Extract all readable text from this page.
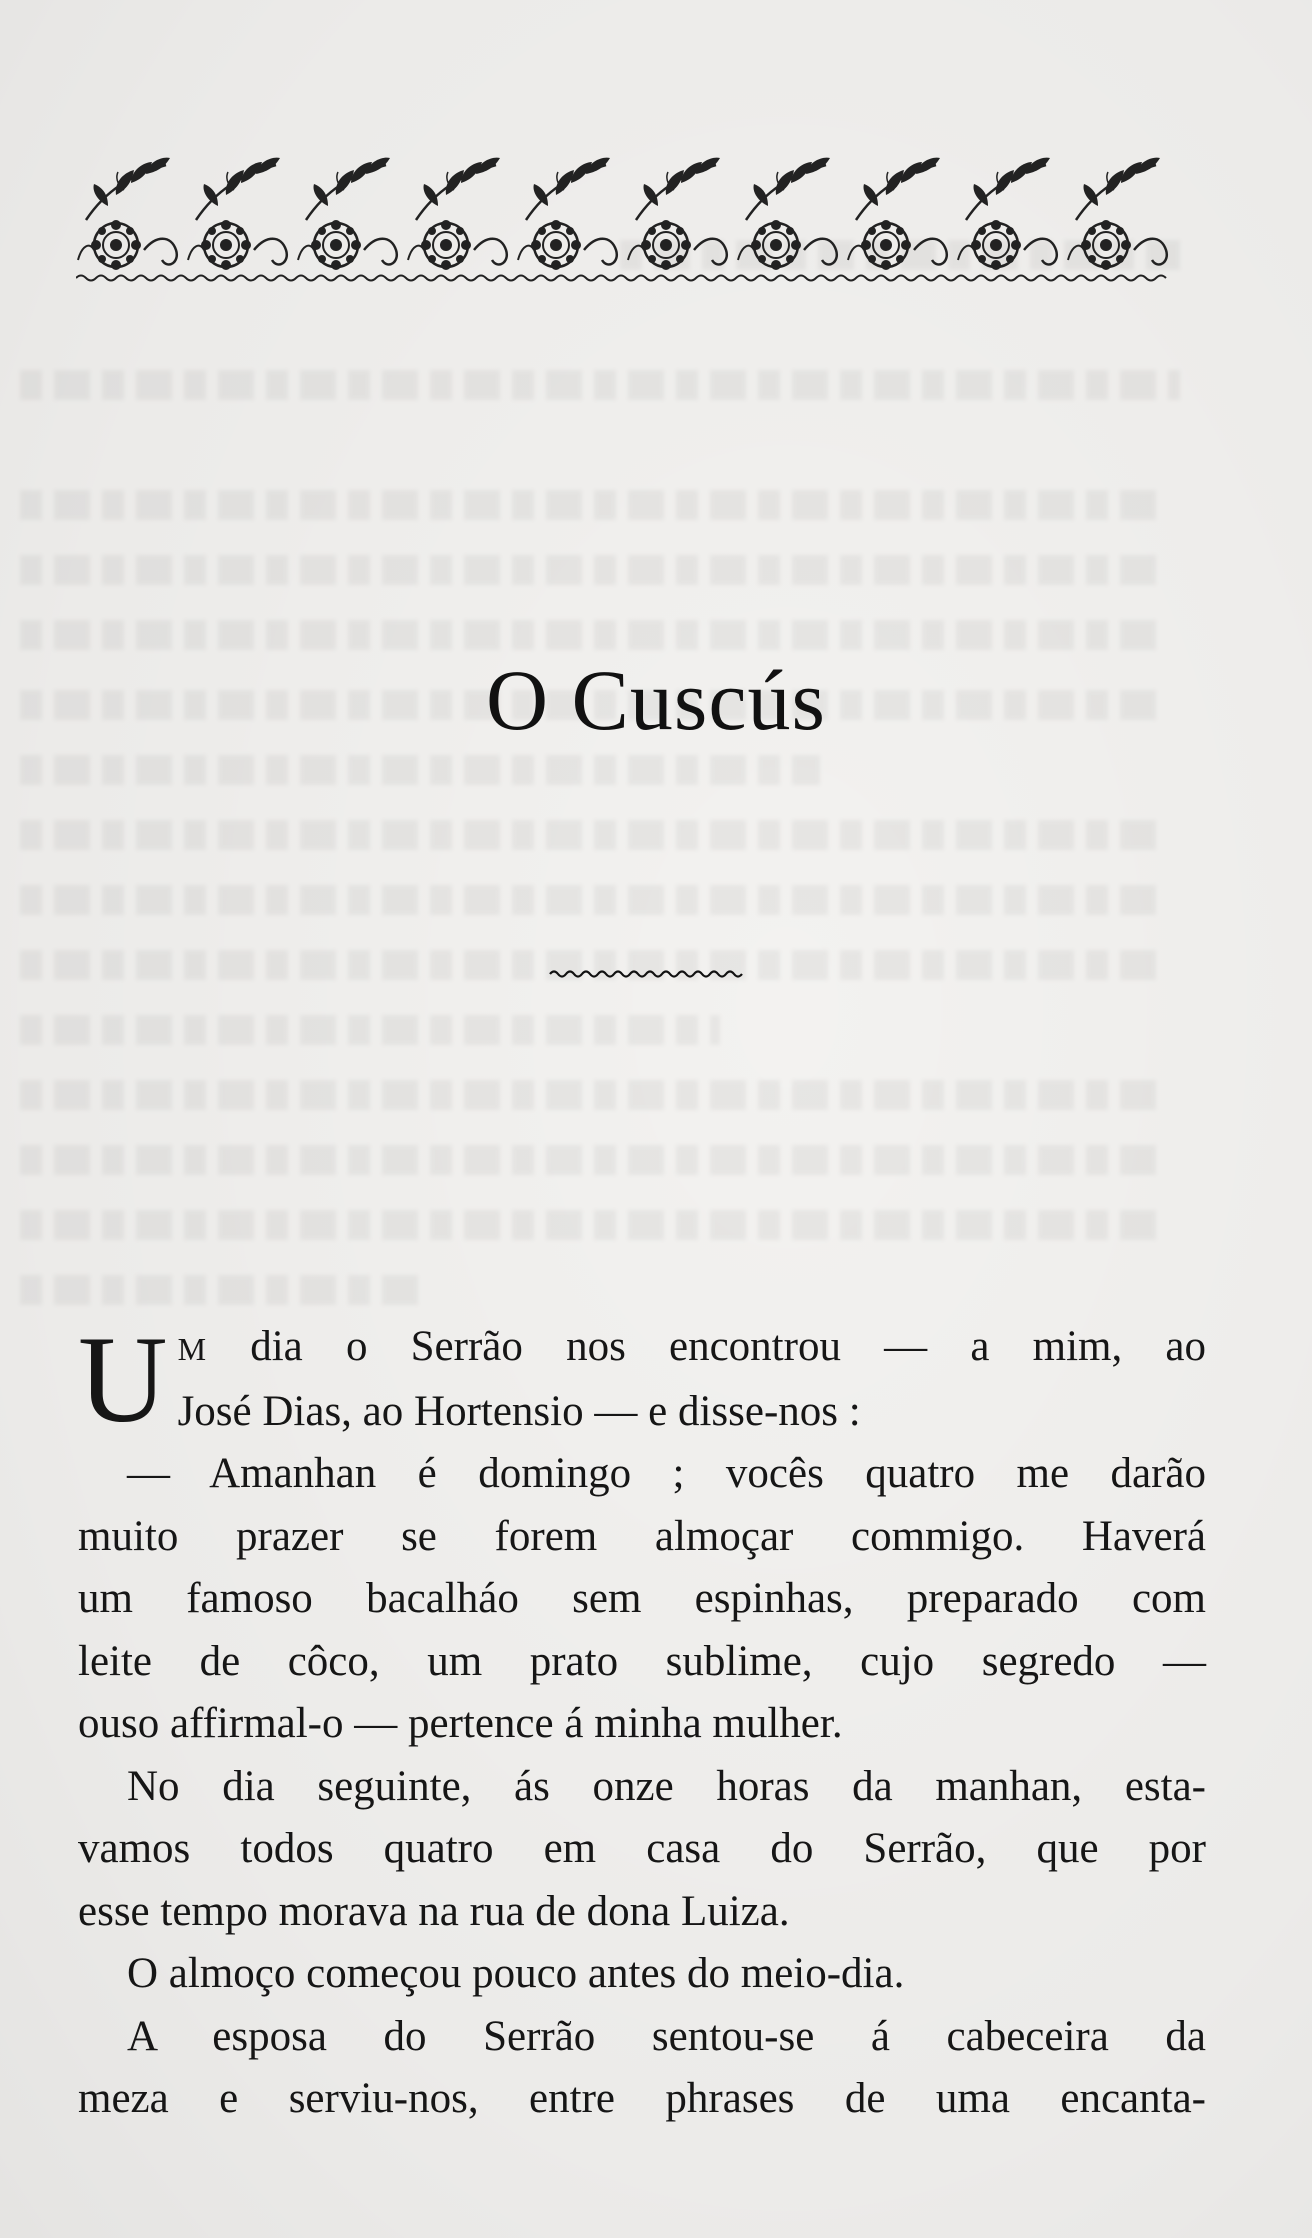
O Cuscús
U M dia o Serrão nos encontrou — a mim, ao
José Dias, ao Hortensio — e disse-nos :
— Amanhan é domingo ; vocês quatro me darão
muito prazer se forem almoçar commigo. Haverá
um famoso bacalháo sem espinhas, preparado com
leite de côco, um prato sublime, cujo segredo —
ouso affirmal-o — pertence á minha mulher.
No dia seguinte, ás onze horas da manhan, esta-
vamos todos quatro em casa do Serrão, que por
esse tempo morava na rua de dona Luiza.
O almoço começou pouco antes do meio-dia.
A esposa do Serrão sentou-se á cabeceira da
meza e serviu-nos, entre phrases de uma encanta-
